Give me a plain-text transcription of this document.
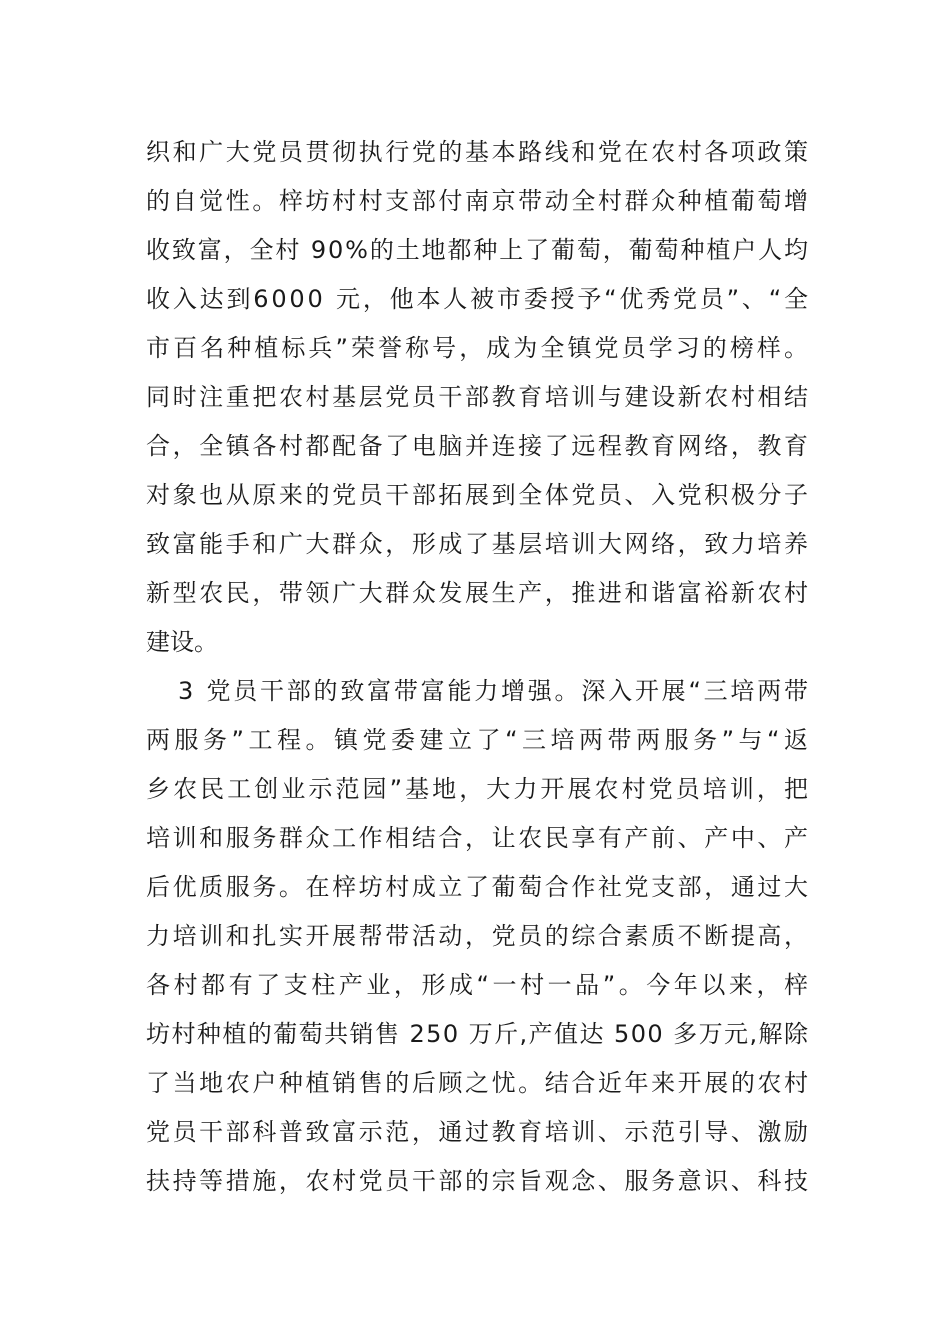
织和广大党员贯彻执行党的基本路线和党在农村各项政策
的自觉性。梓坊村村支部付南京带动全村群众种植葡萄增
收致富，全村 90%的土地都种上了葡萄，葡萄种植户人均
收入达到6000 元，他本人被市委授予“优秀党员”、“全
市百名种植标兵”荣誉称号，成为全镇党员学习的榜样。
同时注重把农村基层党员干部教育培训与建设新农村相结
合，全镇各村都配备了电脑并连接了远程教育网络，教育
对象也从原来的党员干部拓展到全体党员、入党积极分子
致富能手和广大群众，形成了基层培训大网络，致力培养
新型农民，带领广大群众发展生产，推进和谐富裕新农村
建设。
3 党员干部的致富带富能力增强。深入开展“三培两带
两服务”工程。镇党委建立了“三培两带两服务”与“返
乡农民工创业示范园”基地，大力开展农村党员培训，把
培训和服务群众工作相结合，让农民享有产前、产中、产
后优质服务。在梓坊村成立了葡萄合作社党支部，通过大
力培训和扎实开展帮带活动，党员的综合素质不断提高，
各村都有了支柱产业，形成“一村一品”。今年以来，梓
坊村种植的葡萄共销售 250 万斤,产值达 500 多万元,解除
了当地农户种植销售的后顾之忧。结合近年来开展的农村
党员干部科普致富示范，通过教育培训、示范引导、激励
扶持等措施，农村党员干部的宗旨观念、服务意识、科技
